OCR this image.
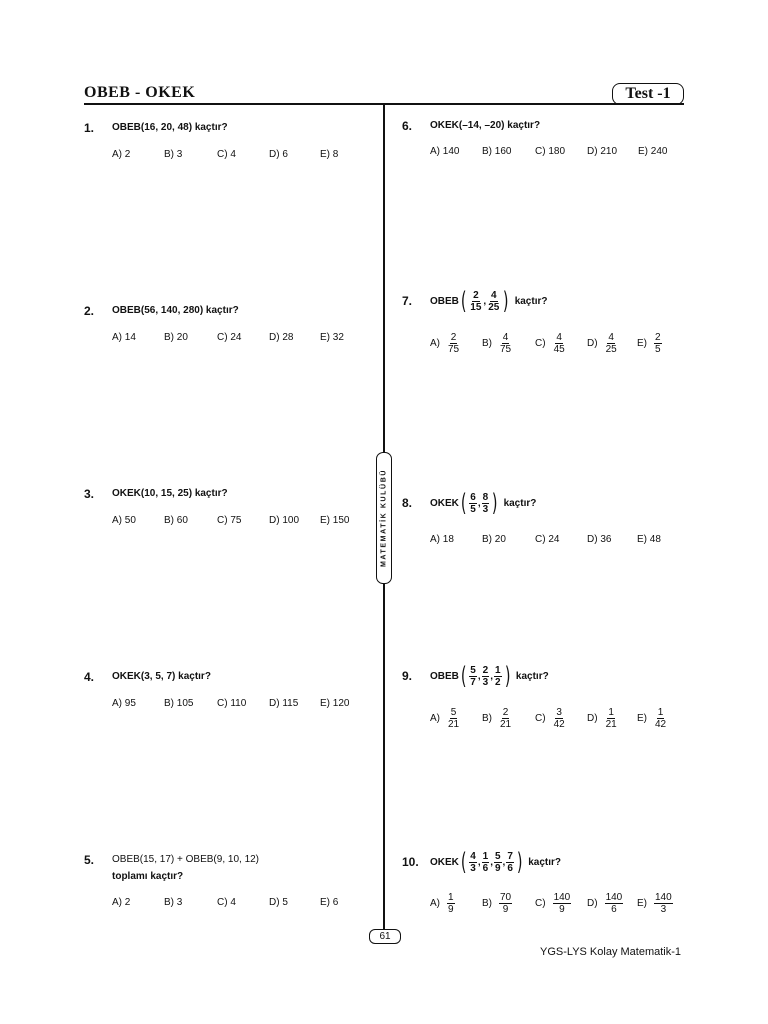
OBEB - OKEK	Test -1
MATEMATİK KULÜBÜ
1. OBEB(16, 20, 48) kaçtır?
A) 2	B) 3	C) 4	D) 6	E) 8
2. OBEB(56, 140, 280) kaçtır?
A) 14	B) 20	C) 24	D) 28	E) 32
3. OKEK(10, 15, 25) kaçtır?
A) 50	B) 60	C) 75	D) 100 E) 150
4. OKEK(3, 5, 7) kaçtır?
A) 95	B) 105 C) 110 D) 115 E) 120
5. OBEB(15, 17) + OBEB(9, 10, 12)
toplamı kaçtır?
A) 2	B) 3	C) 4	D) 5	E) 6
6. OKEK(–14, –20) kaçtır?
A) 140 B) 160 C) 180 D) 210 E) 240
7. OBEB ( $\frac{2}{15}$ , $\frac{4}{25}$ ) kaçtır?
$A) \frac{2}{75} B) \frac{4}{75} C) \frac{4}{45} D) \frac{4}{25} E) \frac{2}{5}$
8. OKEK ( $\frac{6}{5}$ , $\frac{8}{3}$ ) kaçtır?
A) 18	B) 20	C) 24	D) 36	E) 48
9. OBEB ( $\frac{5}{7}$ , $\frac{2}{3}$ , $\frac{1}{2}$ ) kaçtır?
$A) \frac{5}{21} B) \frac{2}{21} C) \frac{3}{42} D) \frac{1}{21} E) \frac{1}{42}$
10. OKEK ( $\frac{4}{3}$ , $\frac{1}{6}$ , $\frac{5}{9}$ , $\frac{7}{6}$ ) kaçtır?
$A) \frac{1}{9}$	$B) \frac{70}{9} C) \frac{140}{9} D) \frac{140}{6} E) \frac{140}{3}$
61
YGS-LYS Kolay Matematik-1
